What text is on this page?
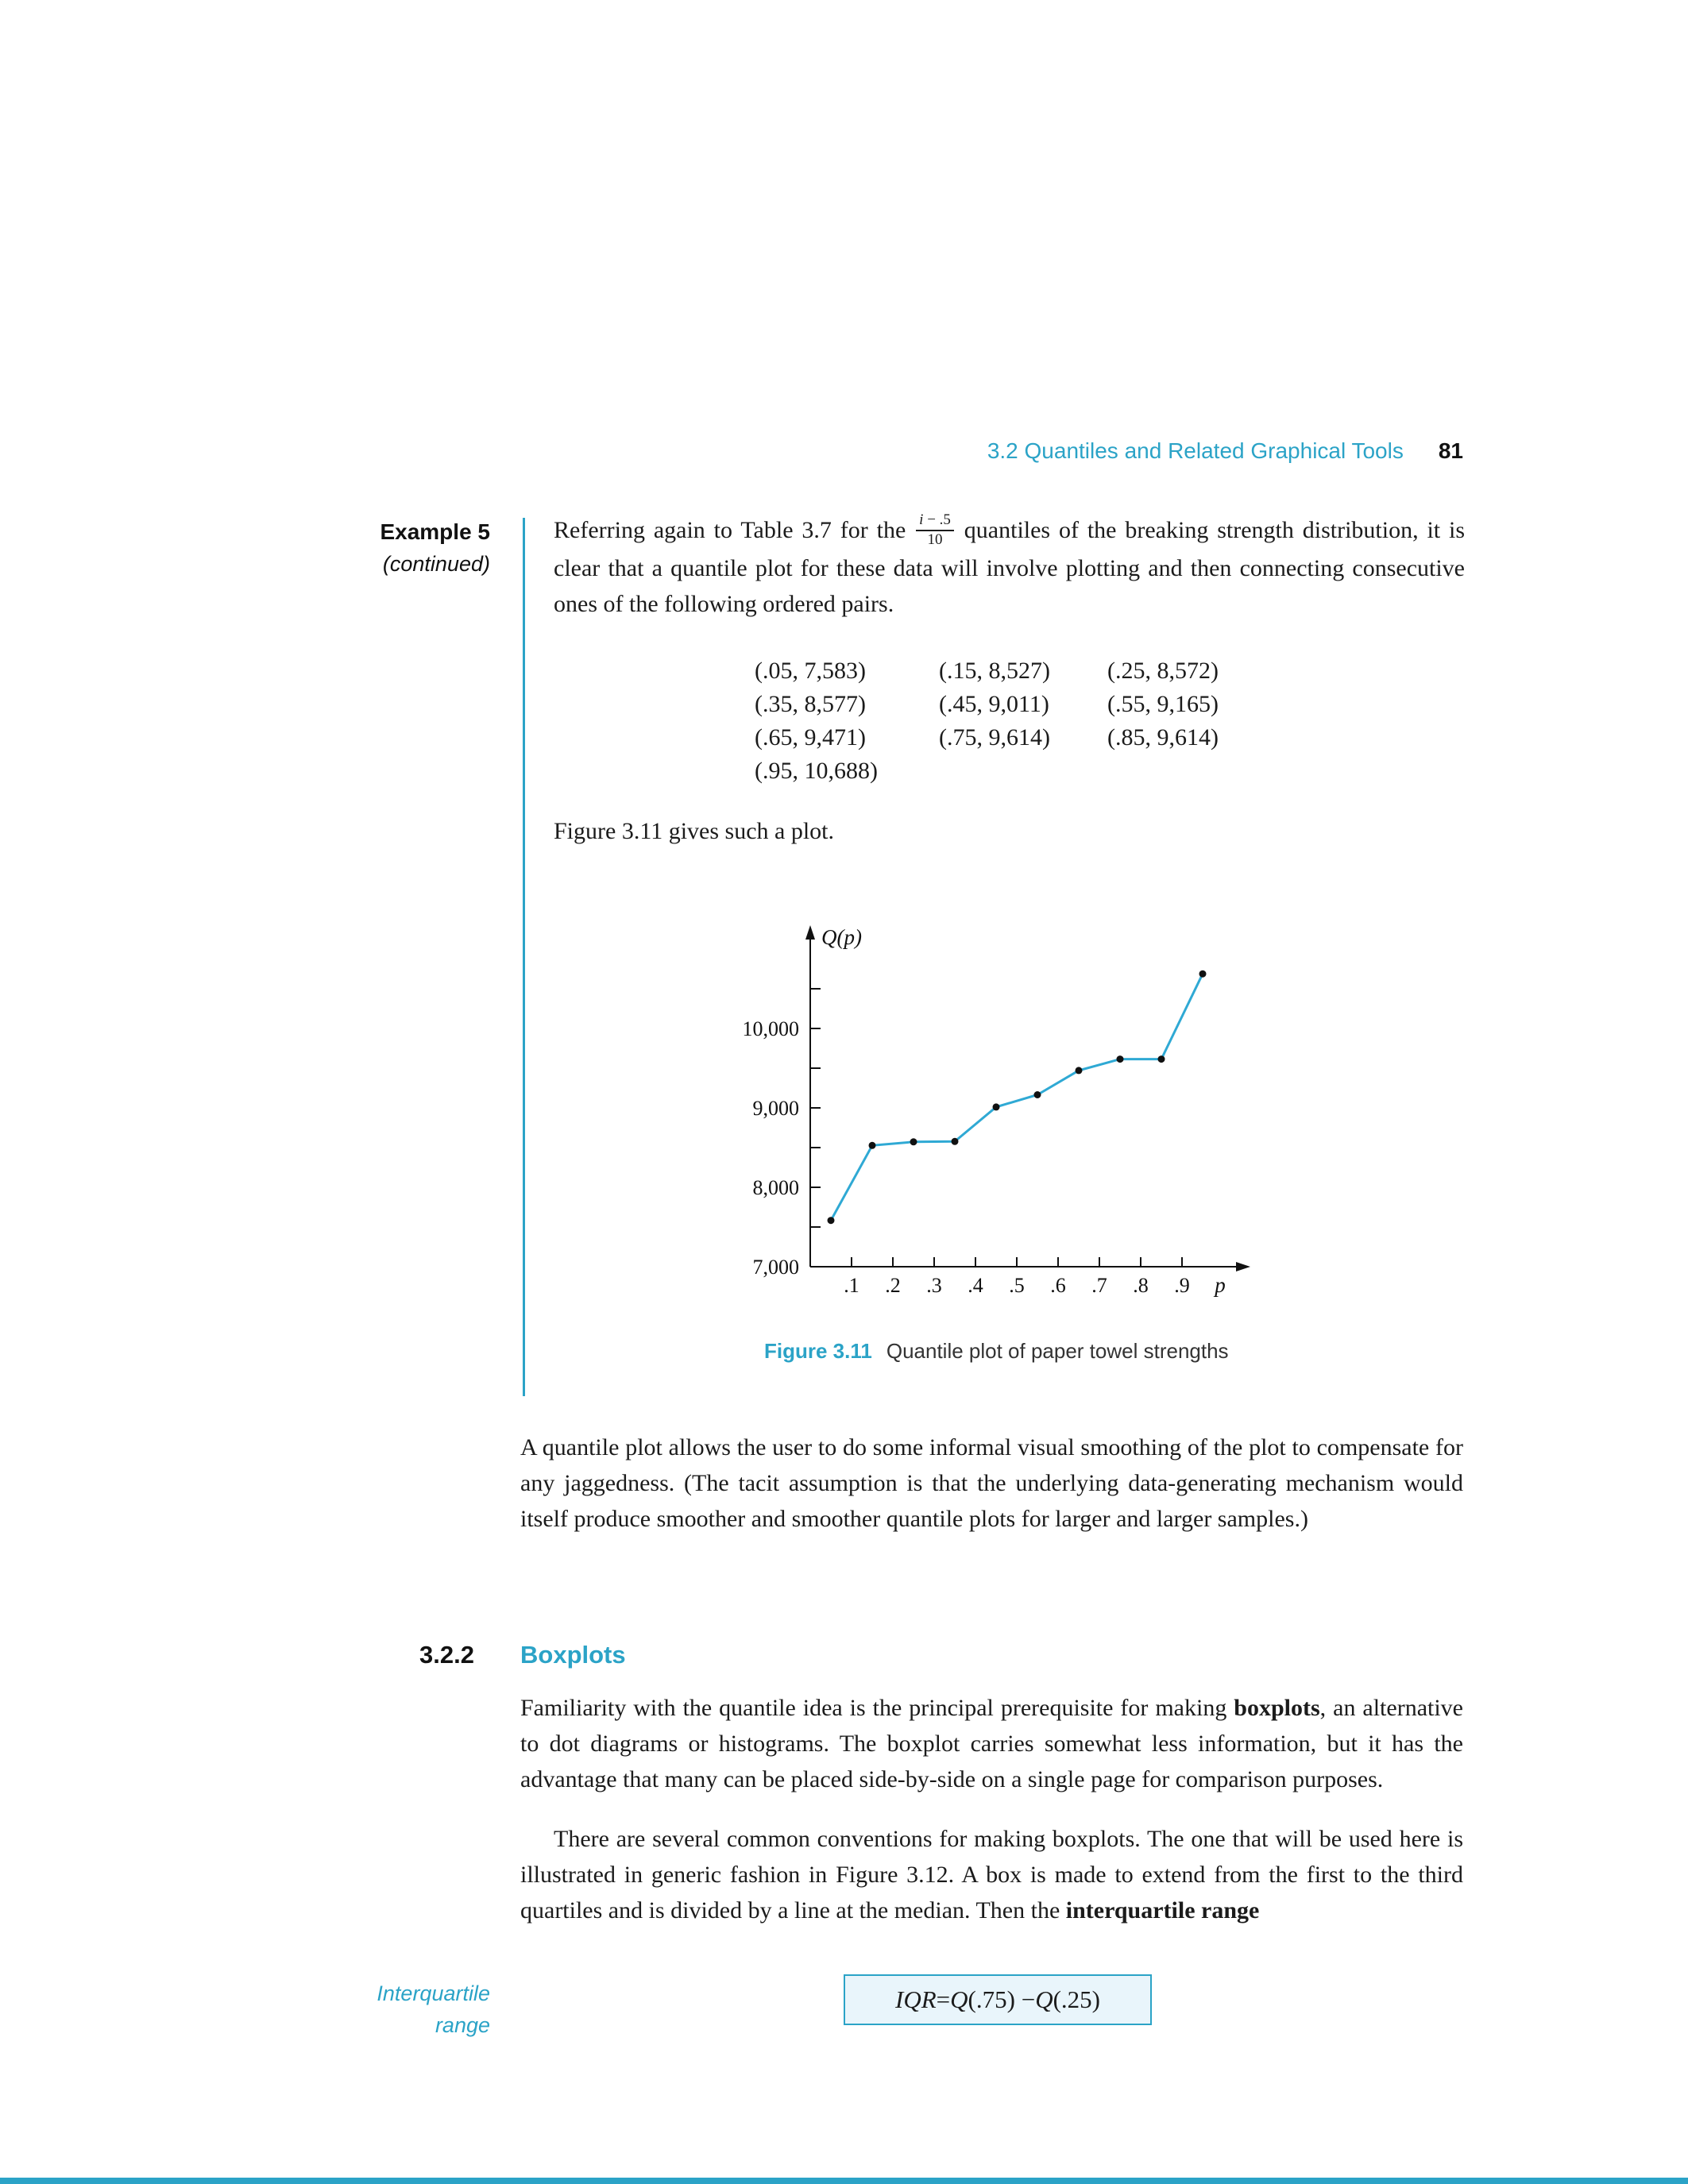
3.2 Quantiles and Related Graphical Tools 81
Example 5
(continued)

Referring again to Table 3.7 for the $\frac{i - .5}{10}$ quantiles of the breaking strength distribution, it is clear that a quantile plot for these data will involve plotting and then connecting consecutive ones of the following ordered pairs.

(.05, 7,583)	(.15, 8,527)	(.25, 8,572)
(.35, 8,577)	(.45, 9,011)	(.55, 9,165)
(.65, 9,471)	(.75, 9,614)	(.85, 9,614)
(.95, 10,688)

Figure 3.11 gives such a plot.

7,000
8,000
9,000
10,000
.1 .2 .3 .4 .5 .6 .7 .8 .9
Q(p)
p
Figure 3.11 Quantile plot of paper towel strengths

A quantile plot allows the user to do some informal visual smoothing of the plot to compensate for any jaggedness. (The tacit assumption is that the underlying data-generating mechanism would itself produce smoother and smoother quantile plots for larger and larger samples.)

3.2.2 Boxplots

Familiarity with the quantile idea is the principal prerequisite for making boxplots, an alternative to dot diagrams or histograms. The boxplot carries somewhat less information, but it has the advantage that many can be placed side-by-side on a single page for comparison purposes.

There are several common conventions for making boxplots. The one that will be used here is illustrated in generic fashion in Figure 3.12. A box is made to extend from the first to the third quartiles and is divided by a line at the median. Then the interquartile range

Interquartile
range
IQR = Q (.75) − Q (.25)
